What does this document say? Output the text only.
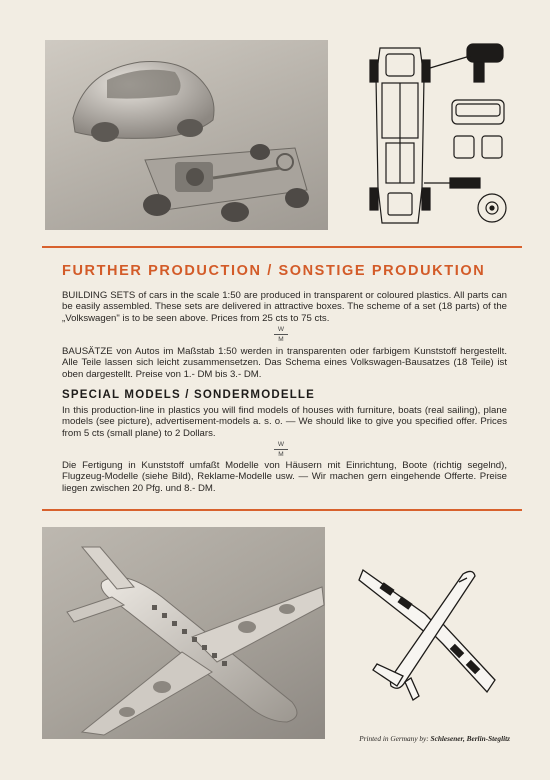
FURTHER PRODUCTION / SONSTIGE PRODUKTION

BUILDING SETS of cars in the scale 1:50 are produced in transparent or coloured plastics. All parts can be easily assembled. These sets are delivered in attractive boxes. The scheme of a set (18 parts) of the „Volkswagen" is to be seen above. Prices from 25 cts to 75 cts.

W
M

BAUSÄTZE von Autos im Maßstab 1:50 werden in transparenten oder farbigem Kunststoff hergestellt. Alle Teile lassen sich leicht zusammensetzen. Das Schema eines Volkswagen-Bausatzes (18 Teile) ist oben dargestellt. Preise von 1.- DM bis 3.- DM.

SPECIAL MODELS / SONDERMODELLE

In this production-line in plastics you will find models of houses with furniture, boats (real sailing), plane models (see picture), advertisement-models a. s. o. — We should like to give you specified offer. Prices from 5 cts (small plane) to 2 Dollars.

W
M

Die Fertigung in Kunststoff umfaßt Modelle von Häusern mit Einrichtung, Boote (richtig segelnd), Flugzeug-Modelle (siehe Bild), Reklame-Modelle usw. — Wir machen gern eingehende Offerte. Preise liegen zwischen 20 Pfg. und 8.- DM.

Printed in Germany by: Schlesener, Berlin-Steglitz
